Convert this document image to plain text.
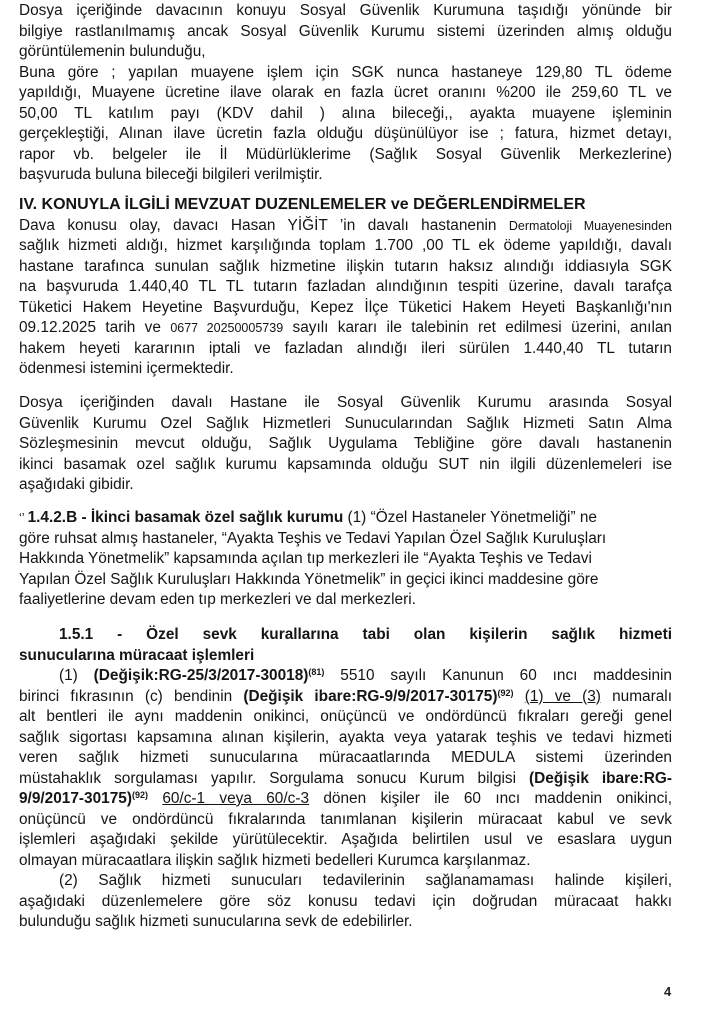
Dosya içeriğinde davacının konuyu Sosyal Güvenlik Kurumuna taşıdığı yönünde bir
bilgiye rastlanılmamış ancak Sosyal Güvenlik Kurumu sistemi üzerinden almış olduğu
görüntülemenin bulunduğu,
Buna göre ; yapılan muayene işlem için SGK nunca hastaneye 129,80 TL ödeme
yapıldığı, Muayene ücretine ilave olarak en fazla ücret oranını %200 ile 259,60 TL ve
50,00 TL katılım payı (KDV dahil ) alına bileceği,, ayakta muayene işleminin
gerçekleştiği, Alınan ilave ücretin fazla olduğu düşünülüyor ise ; fatura, hizmet detayı,
rapor vb. belgeler ile İl Müdürlüklerime (Sağlık Sosyal Güvenlik Merkezlerine)
başvuruda buluna bileceği bilgileri verilmiştir.
IV. KONUYLA İLGİLİ MEVZUAT DUZENLEMELER ve DEĞERLENDİRMELER
Dava konusu olay, davacı Hasan YİĞİT ’in davalı hastanenin Dermatoloji Muayenesinden
sağlık hizmeti aldığı, hizmet karşılığında toplam 1.700 ,00 TL ek ödeme yapıldığı, davalı
hastane tarafınca sunulan sağlık hizmetine ilişkin tutarın haksız alındığı iddiasıyla SGK
na başvuruda 1.440,40 TL TL tutarın fazladan alındığının tespiti üzerine, davalı tarafça
Tüketici Hakem Heyetine Başvurduğu, Kepez İlçe Tüketici Hakem Heyeti Başkanlığı'nın
09.12.2025 tarih ve 0677 20250005739 sayılı kararı ile talebinin ret edilmesi üzerini, anılan
hakem heyeti kararının iptali ve fazladan alındığı ileri sürülen 1.440,40 TL tutarın
ödenmesi istemini içermektedir.
Dosya içeriğinden davalı Hastane ile Sosyal Güvenlik Kurumu arasında Sosyal
Güvenlik Kurumu Ozel Sağlık Hizmetleri Sunucularından Sağlık Hizmeti Satın Alma
Sözleşmesinin mevcut olduğu, Sağlık Uygulama Tebliğine göre davalı hastanenin
ikinci basamak ozel sağlık kurumu kapsamında olduğu SUT nin ilgili düzenlemeleri ise
aşağıdaki gibidir.
‘’ 1.4.2.B - İkinci basamak özel sağlık kurumu (1) “Özel Hastaneler Yönetmeliği” ne
göre ruhsat almış hastaneler, “Ayakta Teşhis ve Tedavi Yapılan Özel Sağlık Kuruluşları
Hakkında Yönetmelik” kapsamında açılan tıp merkezleri ile “Ayakta Teşhis ve Tedavi
Yapılan Özel Sağlık Kuruluşları Hakkında Yönetmelik” in geçici ikinci maddesine göre
faaliyetlerine devam eden tıp merkezleri ve dal merkezleri.
1.5.1 - Özel sevk kurallarına tabi olan kişilerin sağlık hizmeti
sunucularına müracaat işlemleri
(1) (Değişik:RG-25/3/2017-30018)$^{(81)}$ 5510 sayılı Kanunun 60 ıncı maddesinin
birinci fıkrasının (c) bendinin (Değişik ibare:RG-9/9/2017-30175)$^{(92)}$ (1) ve (3) numaralı
alt bentleri ile aynı maddenin onikinci, onüçüncü ve ondördüncü fıkraları gereği genel
sağlık sigortası kapsamına alınan kişilerin, ayakta veya yatarak teşhis ve tedavi hizmeti
veren sağlık hizmeti sunucularına müracaatlarında MEDULA sistemi üzerinden
müstahaklık sorgulaması yapılır. Sorgulama sonucu Kurum bilgisi (Değişik ibare:RG-
9/9/2017-30175)$^{(92)}$ 60/c-1 veya 60/c-3 dönen kişiler ile 60 ıncı maddenin onikinci,
onüçüncü ve ondördüncü fıkralarında tanımlanan kişilerin müracaat kabul ve sevk
işlemleri aşağıdaki şekilde yürütülecektir. Aşağıda belirtilen usul ve esaslara uygun
olmayan müracaatlara ilişkin sağlık hizmeti bedelleri Kurumca karşılanmaz.
(2) Sağlık hizmeti sunucuları tedavilerinin sağlanamaması halinde kişileri,
aşağıdaki düzenlemelere göre söz konusu tedavi için doğrudan müracaat hakkı
bulunduğu sağlık hizmeti sunucularına sevk de edebilirler.
4
